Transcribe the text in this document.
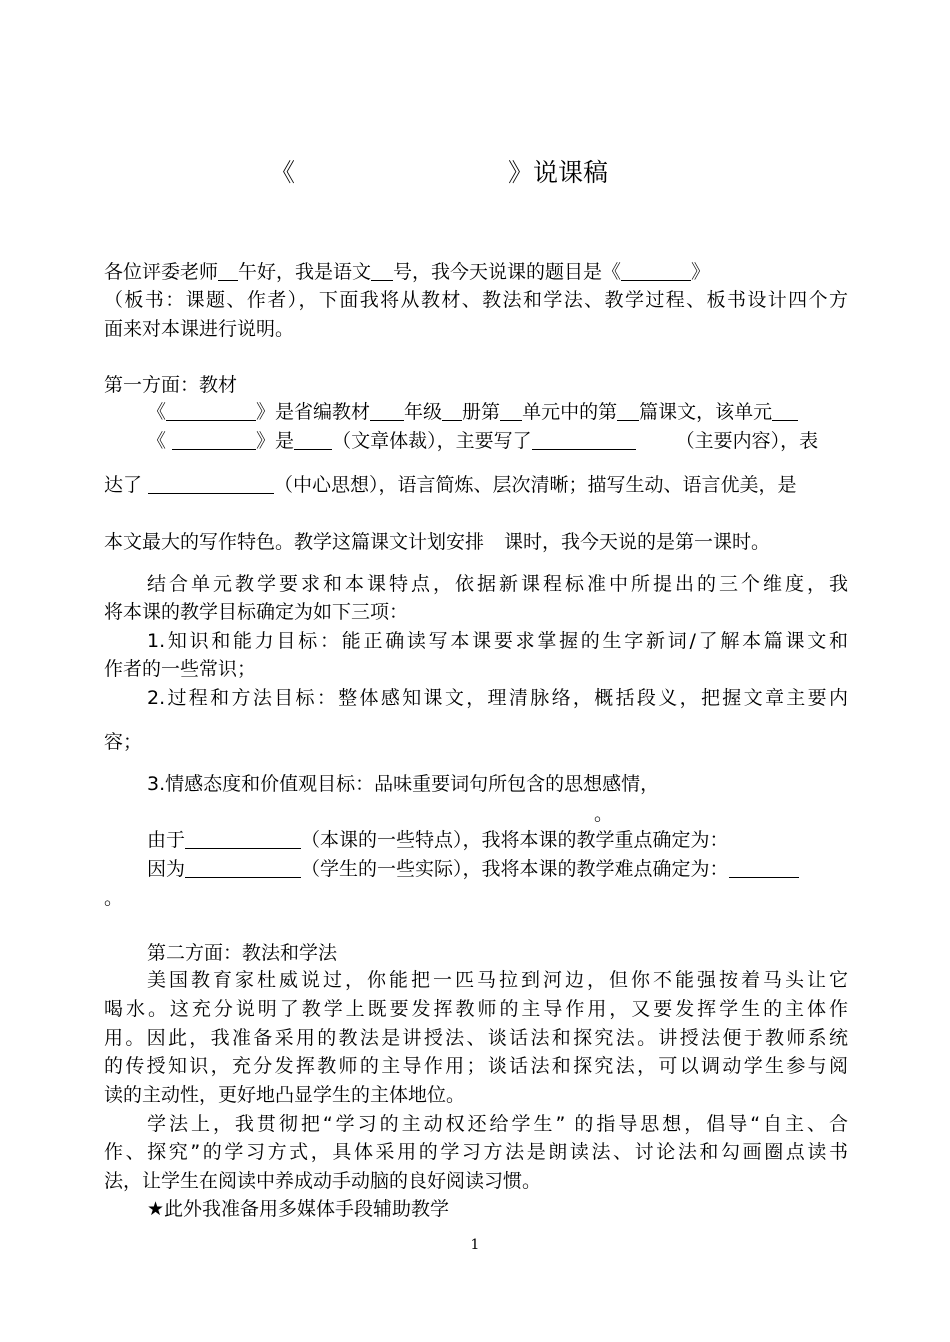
《	》说课稿
各位评委老师 午好，我是语文 号，我今天说课的题目是《	》
（板书：课题、作者），下面我将从教材、教法和学法、教学过程、板书设计四个方
面来对本课进行说明。
第一方面：教材
《	》是省编教材 年级 册第 单元中的第 篇课文，该单元
《	》是 （文章体裁），主要写了	（主要内容），表
达了	（中心思想），语言简炼、层次清晰；描写生动、语言优美，是
本文最大的写作特色。教学这篇课文计划安排 课时，我今天说的是第一课时。
结合单元教学要求和本课特点，依据新课程标准中所提出的三个维度，我
将本课的教学目标确定为如下三项：
1.知识和能力目标：能正确读写本课要求掌握的生字新词/了解本篇课文和
作者的一些常识；
2.过程和方法目标：整体感知课文，理清脉络，概括段义，把握文章主要内
容；
3.情感态度和价值观目标：品味重要词句所包含的思想感情，
。
由于	（本课的一些特点），我将本课的教学重点确定为：
因为	（学生的一些实际），我将本课的教学难点确定为：
。
第二方面：教法和学法
美国教育家杜威说过，你能把一匹马拉到河边，但你不能强按着马头让它
喝水。这充分说明了教学上既要发挥教师的主导作用，又要发挥学生的主体作
用。因此，我准备采用的教法是讲授法、谈话法和探究法。讲授法便于教师系统
的传授知识，充分发挥教师的主导作用；谈话法和探究法，可以调动学生参与阅
读的主动性，更好地凸显学生的主体地位。
学法上，我贯彻把“学习的主动权还给学生” 的指导思想，倡导“自主、合
作、探究”的学习方式，具体采用的学习方法是朗读法、讨论法和勾画圈点读书
法，让学生在阅读中养成动手动脑的良好阅读习惯。
★此外我准备用多媒体手段辅助教学
1
